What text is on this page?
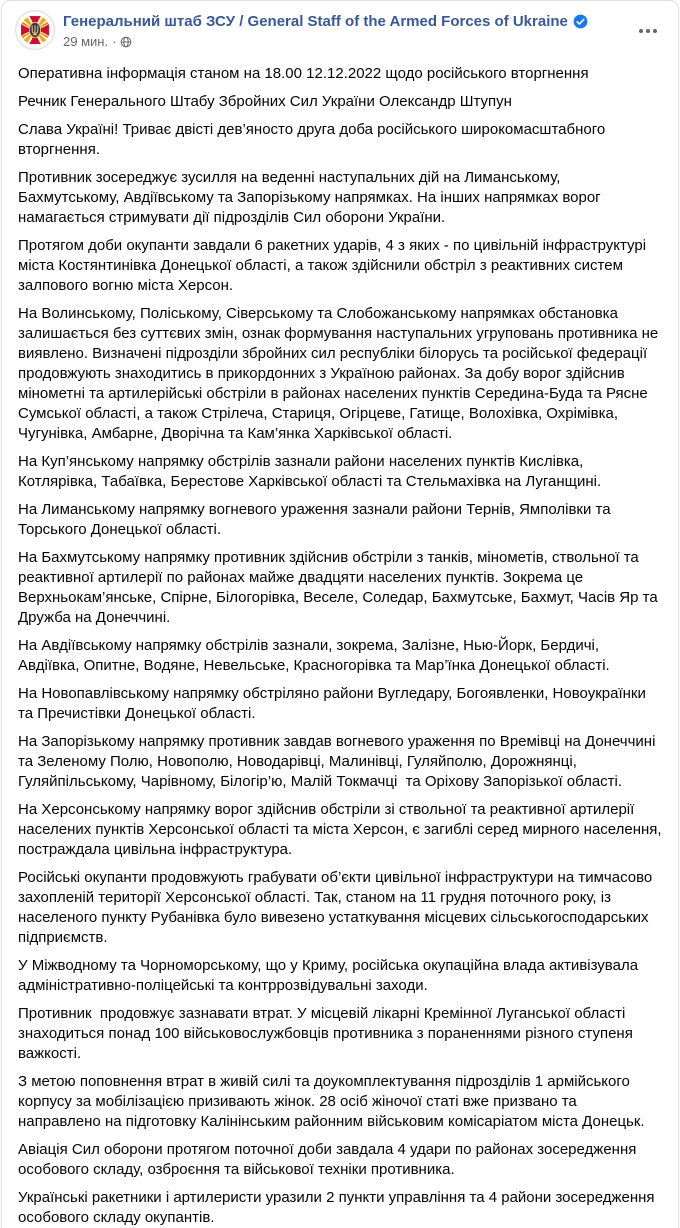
Генеральний штаб ЗСУ / General Staff of the Armed Forces of Ukraine
29 мин. ·

Оперативна інформація станом на 18.00 12.12.2022 щодо російського вторгнення

Речник Генерального Штабу Збройних Сил України Олександр Штупун

Слава Україні! Триває двісті дев’яносто друга доба російського широкомасштабного вторгнення.

Противник зосереджує зусилля на веденні наступальних дій на Лиманському, Бахмутському, Авдіївському та Запорізькому напрямках. На інших напрямках ворог намагається стримувати дії підрозділів Сил оборони України.

Протягом доби окупанти завдали 6 ракетних ударів, 4 з яких - по цивільній інфраструктурі міста Костянтинівка Донецької області, а також здійснили обстріл з реактивних систем залпового вогню міста Херсон.

На Волинському, Поліському, Сіверському та Слобожанському напрямках обстановка залишається без суттєвих змін, ознак формування наступальних угруповань противника не виявлено. Визначені підрозділи збройних сил республіки білорусь та російської федерації продовжують знаходитись в прикордонних з Україною районах. За добу ворог здійснив мінометні та артилерійські обстріли в районах населених пунктів Середина-Буда та Рясне Сумської області, а також Стрілеча, Стариця, Огірцеве, Гатище, Волохівка, Охрімівка, Чугунівка, Амбарне, Дворічна та Кам’янка Харківської області.

На Куп’янському напрямку обстрілів зазнали райони населених пунктів Кислівка, Котлярівка, Табаївка, Берестове Харківської області та Стельмахівка на Луганщині.

На Лиманському напрямку вогневого ураження зазнали райони Тернів, Ямполівки та Торського Донецької області.

На Бахмутському напрямку противник здійснив обстріли з танків, мінометів, ствольної та реактивної артилерії по районах майже двадцяти населених пунктів. Зокрема це Верхньокам’янське, Спірне, Білогорівка, Веселе, Соледар, Бахмутське, Бахмут, Часів Яр та Дружба на Донеччині.

На Авдіївському напрямку обстрілів зазнали, зокрема, Залізне, Нью-Йорк, Бердичі, Авдіївка, Опитне, Водяне, Невельське, Красногорівка та Мар’їнка Донецької області.

На Новопавлівському напрямку обстріляно райони Вугледару, Богоявленки, Новоукраїнки та Пречистівки Донецької області.

На Запорізькому напрямку противник завдав вогневого ураження по Времівці на Донеччині та Зеленому Полю, Новополю, Новодарівці, Малинівці, Гуляйполю, Дорожнянці, Гуляйпільському, Чарівному, Білогір’ю, Малій Токмачці  та Оріхову Запорізької області.

На Херсонському напрямку ворог здійснив обстріли зі ствольної та реактивної артилерії населених пунктів Херсонської області та міста Херсон, є загиблі серед мирного населення, постраждала цивільна інфраструктура.

Російські окупанти продовжують грабувати об’єкти цивільної інфраструктури на тимчасово захопленій території Херсонської області. Так, станом на 11 грудня поточного року, із населеного пункту Рубанівка було вивезено устаткування місцевих сільськогосподарських підприємств.

У Міжводному та Чорноморському, що у Криму, російська окупаційна влада активізувала адміністративно-поліцейські та контррозвідувальні заходи.

Противник  продовжує зазнавати втрат. У місцевій лікарні Кремінної Луганської області знаходиться понад 100 військовослужбовців противника з пораненнями різного ступеня важкості.

З метою поповнення втрат в живій силі та доукомплектування підрозділів 1 армійського корпусу за мобілізацією призивають жінок. 28 осіб жіночої статі вже призвано та направлено на підготовку Калінінським районним військовим комісаріатом міста Донецьк.

Авіація Сил оборони протягом поточної доби завдала 4 удари по районах зосередження особового складу, озброєння та військової техніки противника.

Українські ракетники і артилеристи уразили 2 пункти управління та 4 райони зосередження особового складу окупантів.
